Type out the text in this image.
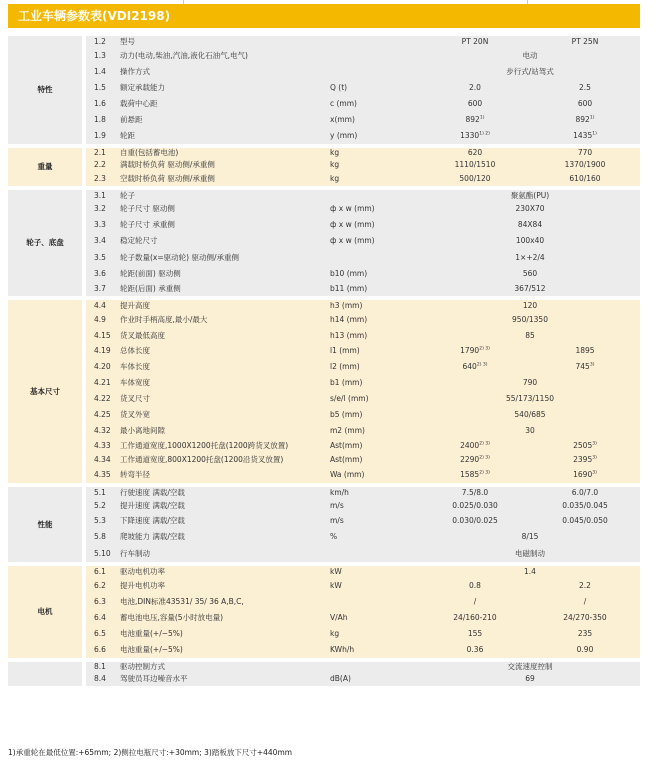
工业车辆参数表(VDI2198)
特性		1.2	型号		PT 20N	PT 25N
		1.3	动力(电动,柴油,汽油,液化石油气,电气)		电动	
		1.4	操作方式		步行式/站驾式	
		1.5	额定承载能力	Q (t)	2.0	2.5
		1.6	载荷中心距	c (mm)	600	600
		1.8	前悬距	x(mm)	892$^{1)}$	892$^{1)}$
		1.9	轮距	y (mm)	$1330^{1) 2)}$	1435$^{1)}$
重量		2.1	自重(包括蓄电池)	kg	620	770
		2.2	满载时桥负荷 驱动侧/承重侧	kg	1110/1510	1370/1900
		2.3	空载时桥负荷 驱动侧/承重侧	kg	500/120	610/160
轮子、底盘		3.1	轮子		聚氨酯(PU)	
		3.2	轮子尺寸 驱动侧	ф x w (mm)	230X70	
		3.3	轮子尺寸 承重侧	ф x w (mm)	84X84	
		3.4	稳定轮尺寸	ф x w (mm)	100x40	
		3.5	轮子数量(x=驱动轮) 驱动侧/承重侧		1×+2/4	
		3.6	轮距(前面) 驱动侧	b10 (mm)	560	
		3.7	轮距(后面) 承重侧	b11 (mm)	367/512	
基本尺寸		4.4	提升高度	h3 (mm)	120	
		4.9	作业时手柄高度,最小/最大	h14 (mm)	950/1350	
		4.15	货叉最低高度	h13 (mm)	85	
		4.19	总体长度	l1 (mm)	$1790^{2) 3)}$	1895
		4.20	车体长度	l2 (mm)	$640^{2) 3)}$	745$^{3)}$
		4.21	车体宽度	b1 (mm)	790	
		4.22	货叉尺寸	s/e/l (mm)	55/173/1150	
		4.25	货叉外宽	b5 (mm)	540/685	
		4.32	最小离地间隙	m2 (mm)	30	
		4.33	工作通道宽度,1000X1200托盘(1200跨货叉放置)	Ast(mm)	$2400^{2) 3)}$	2505$^{3)}$
		4.34	工作通道宽度,800X1200托盘(1200沿货叉放置)	Ast(mm)	$2290^{2) 3)}$	2395$^{3)}$
		4.35	转弯半径	Wa (mm)	$1585^{2) 3)}$	1690$^{3)}$
性能		5.1	行驶速度 满载/空载	km/h	7.5/8.0	6.0/7.0
		5.2	提升速度 满载/空载	m/s	0.025/0.030	0.035/0.045
		5.3	下降速度 满载/空载	m/s	0.030/0.025	0.045/0.050
		5.8	爬坡能力 满载/空载	%	8/15	
		5.10	行车制动		电磁制动	
电机		6.1	驱动电机功率	kW	1.4	
		6.2	提升电机功率	kW	0.8	2.2
		6.3	电池,DIN标准43531/ 35/ 36 A,B,C,		/	/
		6.4	蓄电池电压,容量(5小时放电量)	V/Ah	24/160-210	24/270-350
		6.5	电池重量(+/−5%)	kg	155	235
		6.6	电池重量(+/−5%)	KWh/h	0.36	0.90
		8.1	驱动控制方式		交流速度控制	
		8.4	驾驶员耳边噪音水平	dB(A)	69	
1)承重轮在最低位置:+65mm; 2)侧拉电瓶尺寸:+30mm; 3)踏板放下尺寸+440mm
